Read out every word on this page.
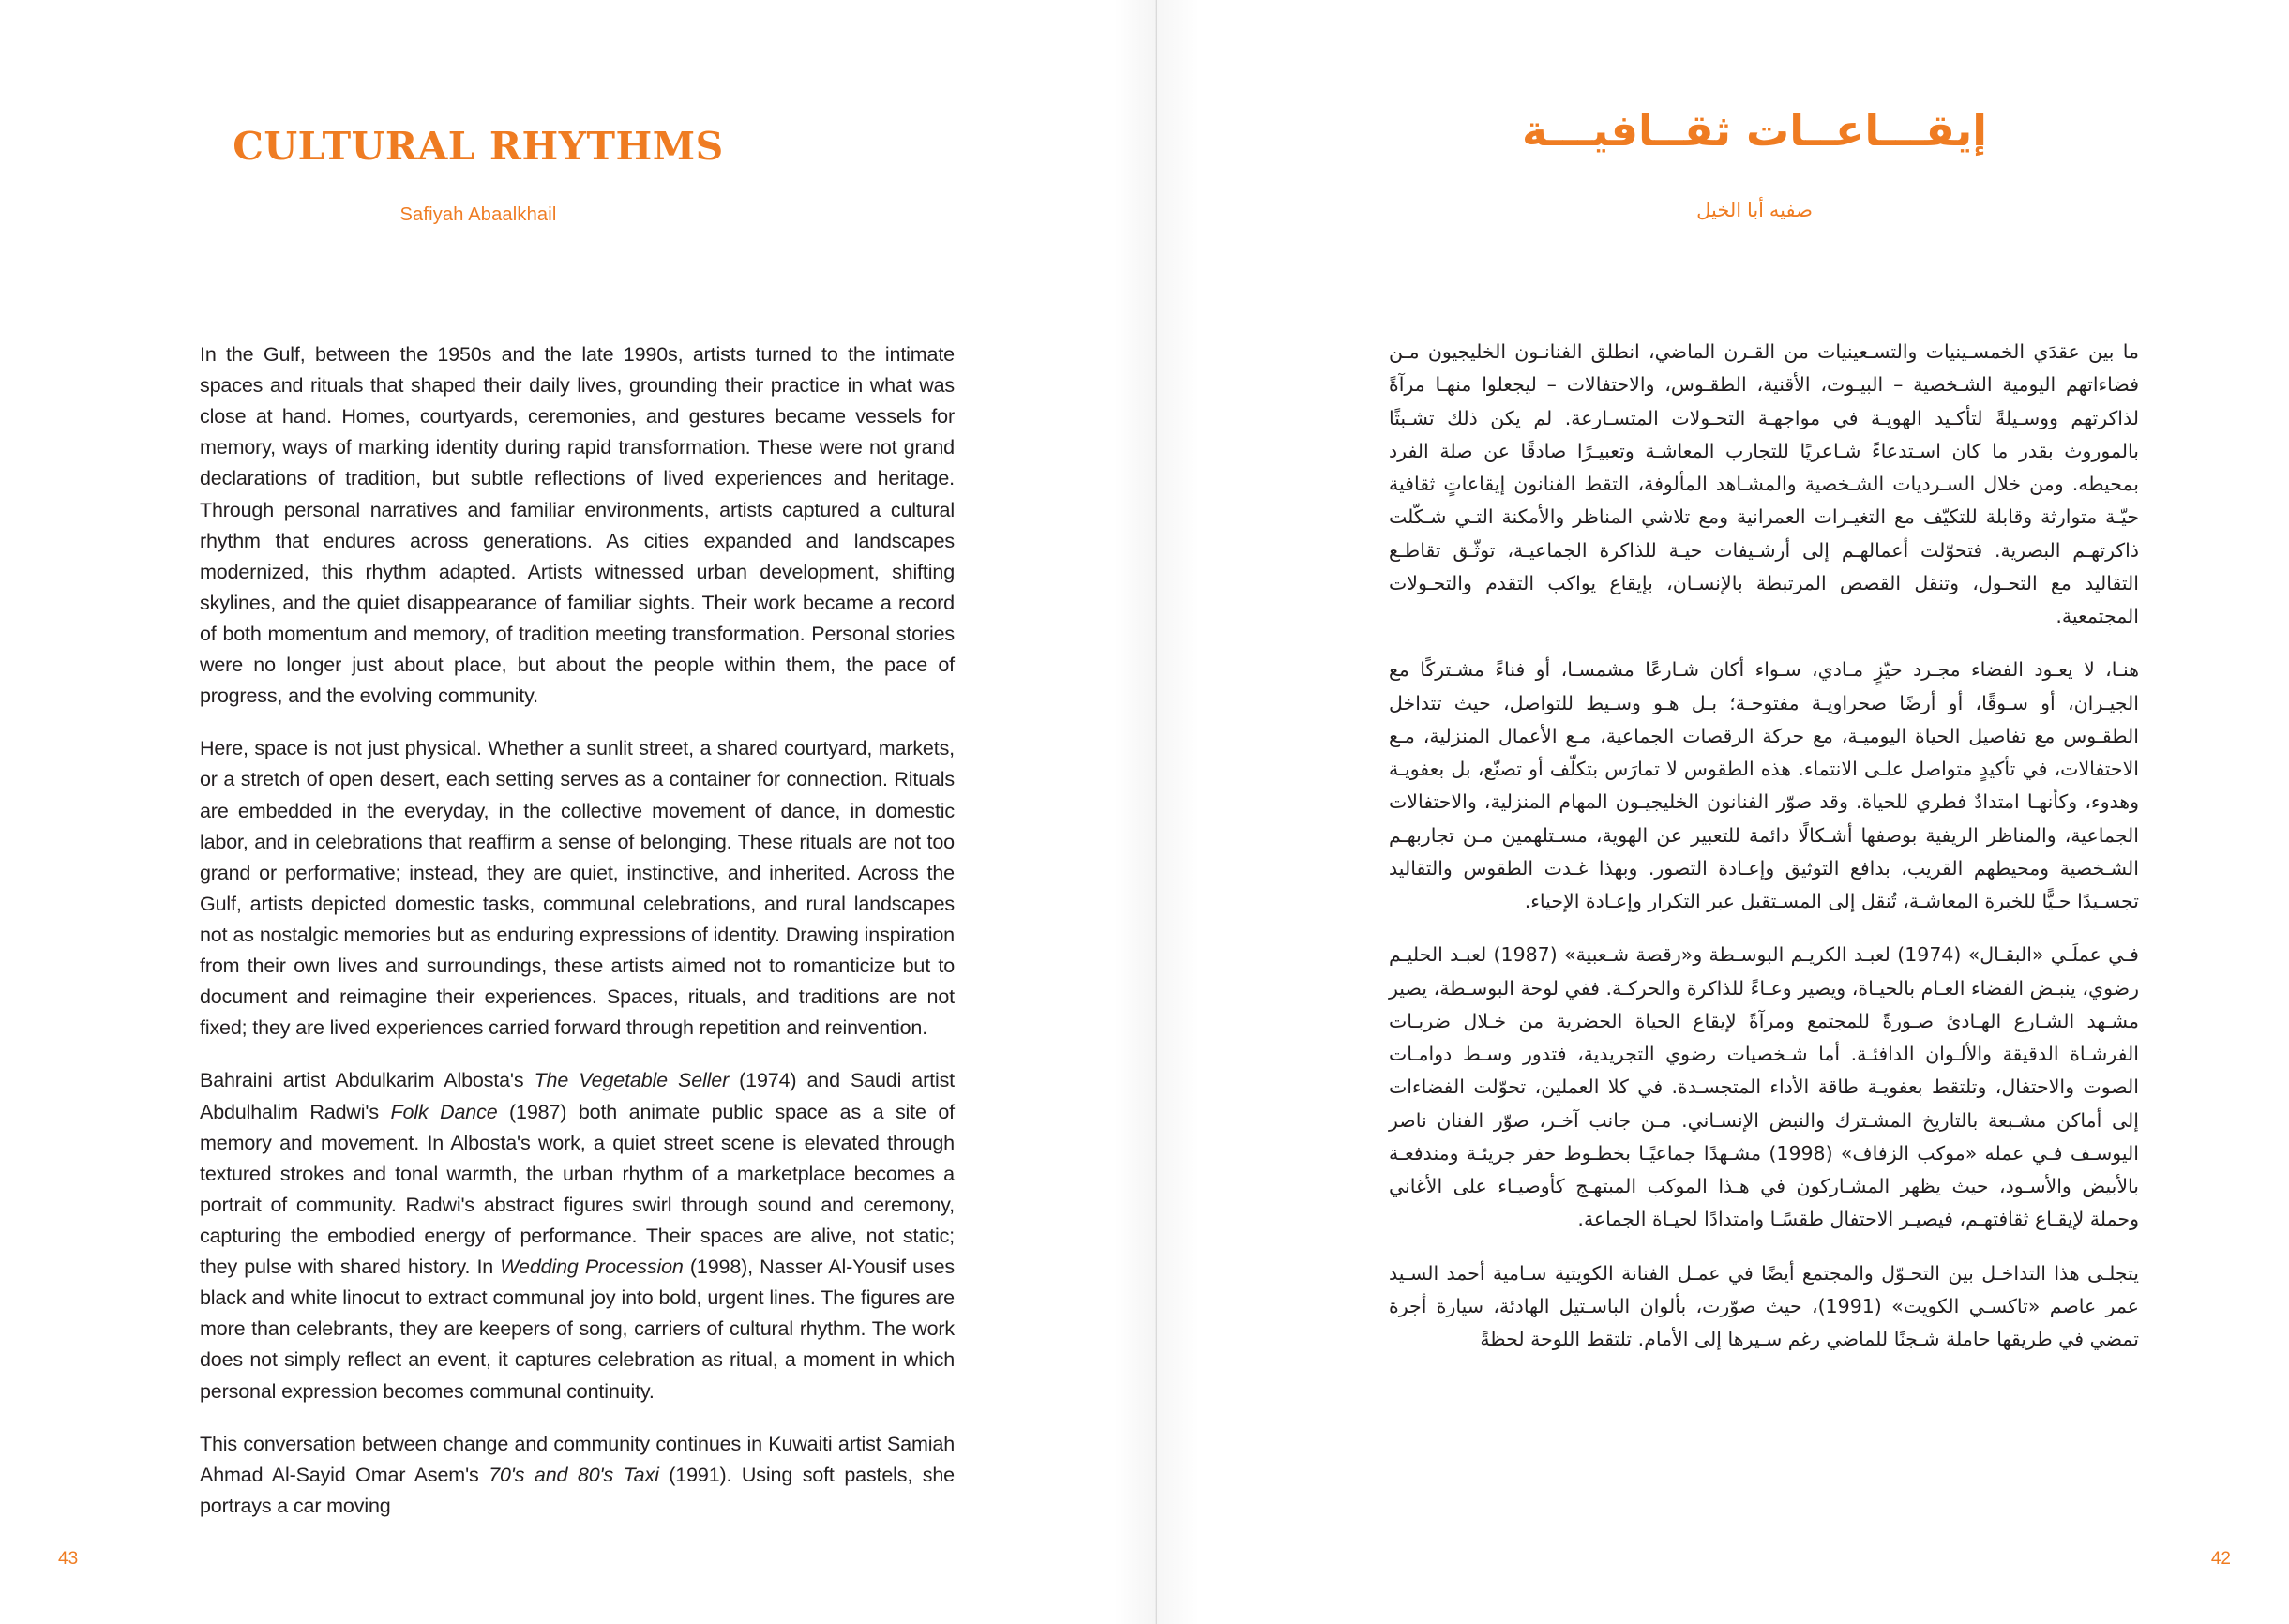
CULTURAL RHYTHMS
Safiyah Abaalkhail

In the Gulf, between the 1950s and the late 1990s, artists turned to the intimate spaces and rituals that shaped their daily lives, grounding their practice in what was close at hand. Homes, courtyards, ceremonies, and gestures became vessels for memory, ways of marking identity during rapid transformation. These were not grand declarations of tradition, but subtle reflections of lived experiences and heritage. Through personal narratives and familiar environments, artists captured a cultural rhythm that endures across generations. As cities expanded and landscapes modernized, this rhythm adapted. Artists witnessed urban development, shifting skylines, and the quiet disappearance of familiar sights. Their work became a record of both momentum and memory, of tradition meeting transformation. Personal stories were no longer just about place, but about the people within them, the pace of progress, and the evolving community.

Here, space is not just physical. Whether a sunlit street, a shared courtyard, markets, or a stretch of open desert, each setting serves as a container for connection. Rituals are embedded in the everyday, in the collective movement of dance, in domestic labor, and in celebrations that reaffirm a sense of belonging. These rituals are not too grand or performative; instead, they are quiet, instinctive, and inherited. Across the Gulf, artists depicted domestic tasks, communal celebrations, and rural landscapes not as nostalgic memories but as enduring expressions of identity. Drawing inspiration from their own lives and surroundings, these artists aimed not to romanticize but to document and reimagine their experiences. Spaces, rituals, and traditions are not fixed; they are lived experiences carried forward through repetition and reinvention.

Bahraini artist Abdulkarim Albosta's The Vegetable Seller (1974) and Saudi artist Abdulhalim Radwi's Folk Dance (1987) both animate public space as a site of memory and movement. In Albosta's work, a quiet street scene is elevated through textured strokes and tonal warmth, the urban rhythm of a marketplace becomes a portrait of community. Radwi's abstract figures swirl through sound and ceremony, capturing the embodied energy of performance. Their spaces are alive, not static; they pulse with shared history. In Wedding Procession (1998), Nasser Al-Yousif uses black and white linocut to extract communal joy into bold, urgent lines. The figures are more than celebrants, they are keepers of song, carriers of cultural rhythm. The work does not simply reflect an event, it captures celebration as ritual, a moment in which personal expression becomes communal continuity.

This conversation between change and community continues in Kuwaiti artist Samiah Ahmad Al-Sayid Omar Asem's 70's and 80's Taxi (1991). Using soft pastels, she portrays a car moving

43
إيقـــاعــات ثقــافيـــة
صفيه أبا الخيل

ما بين عقدَي الخمسـينيات والتسـعينيات من القـرن الماضي، انطلق الفنانـون الخليجيون مـن فضاءاتهم اليومية الشـخصية – البيـوت، الأقنية، الطقـوس، والاحتفالات – ليجعلوا منهـا مرآةً لذاكرتهم ووسـيلةً لتأكـيد الهويـة في مواجهـة التحـولات المتسـارعة. لم يكن ذلك تشـبثًا بالموروث بقدر ما كان اسـتدعاءً شـاعريًا للتجارب المعاشـة وتعبيـرًا صادقًا عن صلة الفرد بمحيطه. ومن خلال السـرديات الشـخصية والمشـاهد المألوفة، التقط الفنانون إيقاعاتٍ ثقافية حيّـة متوارثة وقابلة للتكيّف مع التغيـرات العمرانية ومع تلاشي المناظر والأمكنة التـي شـكّلت ذاكرتهـم البصرية. فتحوّلت أعمالهـم إلى أرشـيفات حيـة للذاكرة الجماعيـة، توثّـق تقاطـع التقاليد مع التحـول، وتنقل القصص المرتبطة بالإنسـان، بإيقاع يواكب التقدم والتحـولات المجتمعية.

هنـا، لا يعـود الفضاء مجـرد حيّزٍ مـادي، سـواء أكان شـارعًا مشمسـا، أو فناءً مشـتركًا مع الجيـران، أو سـوقًا، أو أرضًا صحراويـة مفتوحـة؛ بـل هـو وسـيط للتواصل، حيث تتداخل الطقـوس مع تفاصيل الحياة اليوميـة، مع حركة الرقصات الجماعية، مـع الأعمال المنزلية، مـع الاحتفالات، في تأكيدٍ متواصل علـى الانتماء. هذه الطقوس لا تمارَس بتكلّف أو تصنّع، بل بعفويـة وهدوء، وكأنهـا امتدادٌ فطري للحياة. وقد صوّر الفنانون الخليجيـون المهام المنزلية، والاحتفالات الجماعية، والمناظر الريفية بوصفها أشـكالًا دائمة للتعبير عن الهوية، مسـتلهمين مـن تجاربهـم الشـخصية ومحيطهم القريب، بدافع التوثيق وإعـادة التصور. وبهذا غـدت الطقوس والتقاليد تجسـيدًا حـيًّا للخبرة المعاشـة، تُنقل إلى المسـتقبل عبر التكرار وإعـادة الإحياء.

فـي عملَـي «البقـال» (1974) لعبـد الكريـم البوسـطة و«رقصة شـعبية» (1987) لعبـد الحليـم رضوي، ينبـض الفضاء العـام بالحيـاة، ويصير وعـاءً للذاكرة والحركـة. ففي لوحة البوسـطة، يصير مشـهد الشـارع الهـادئ صـورةً للمجتمع ومرآةً لإيقاع الحياة الحضرية من خـلال ضربـات الفرشـاة الدقيقة والألـوان الدافئـة. أما شـخصيات رضوي التجريدية، فتدور وسـط دوامـات الصوت والاحتفال، وتلتقط بعفويـة طاقة الأداء المتجسـدة. في كلا العملين، تحوّلت الفضاءات إلى أماكن مشـبعة بالتاريخ المشـترك والنبض الإنسـاني. مـن جانب آخـر، صوّر الفنان ناصر اليوسـف فـي عمله «موكب الزفاف» (1998) مشـهدًا جماعيًـا بخطـوط حفر جريئـة ومندفعـة بالأبيض والأسـود، حيث يظهر المشـاركون في هـذا الموكب المبتهـج كأوصيـاء على الأغاني وحملة لإيقـاع ثقافتهـم، فيصيـر الاحتفال طقسًـا وامتدادًا لحيـاة الجماعة.

يتجلـى هذا التداخـل بين التحـوّل والمجتمع أيضًا في عمـل الفنانة الكويتية سـامية أحمد السـيد عمر عاصم «تاكسـي الكويت» (1991)، حيث صوّرت، بألوان الباسـتيل الهادئة، سيارة أجرة تمضي في طريقها حاملة شـجنًا للماضي رغم سـيرها إلى الأمام. تلتقط اللوحة لحظةً

42
